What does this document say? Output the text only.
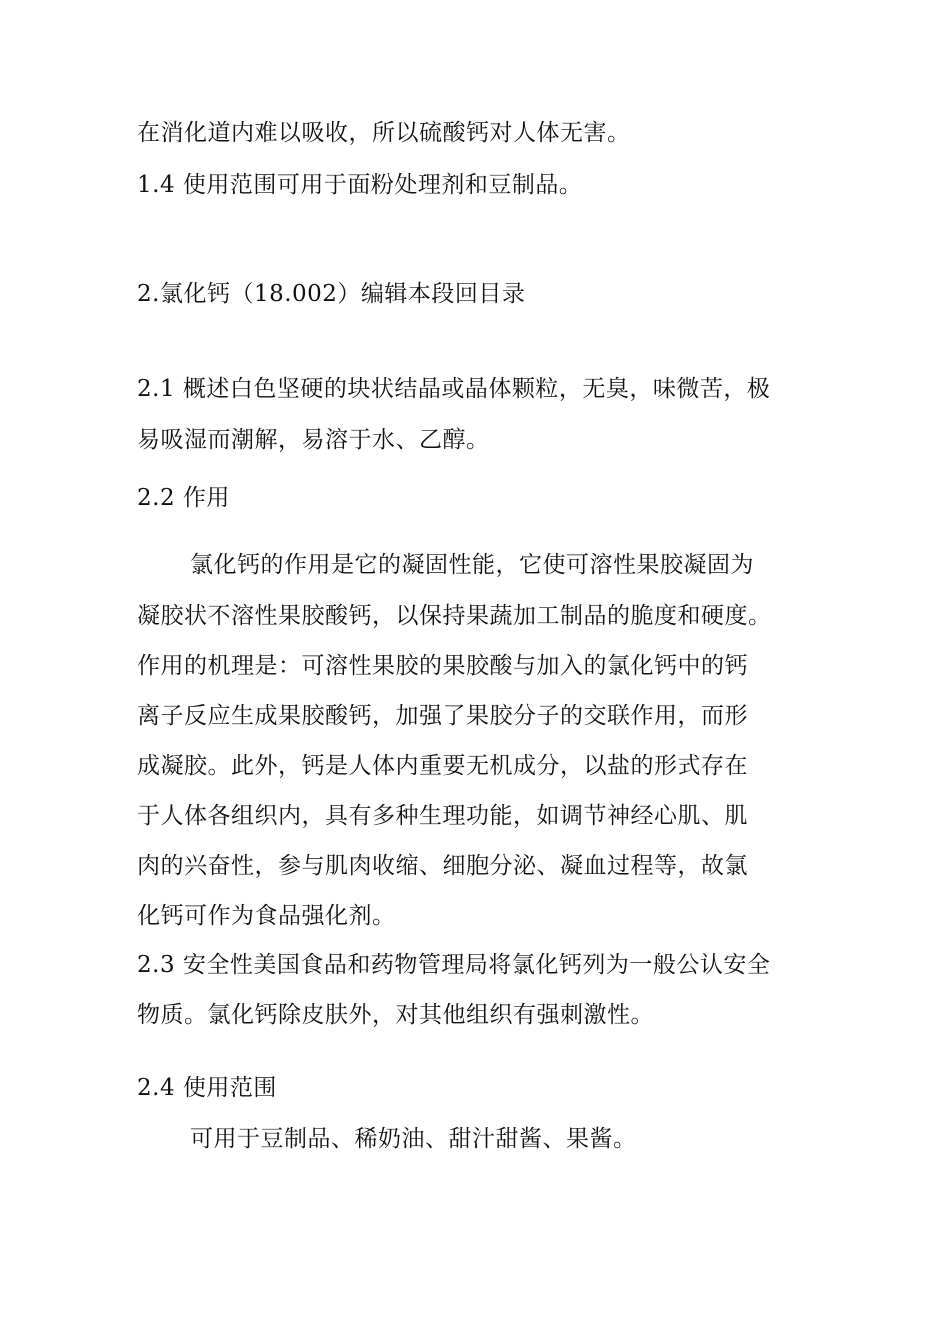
在消化道内难以吸收，所以硫酸钙对人体无害。
1.4 使用范围可用于面粉处理剂和豆制品。
2.氯化钙（18.002）编辑本段回目录
2.1 概述白色坚硬的块状结晶或晶体颗粒，无臭，味微苦，极
易吸湿而潮解，易溶于水、乙醇。
2.2 作用
氯化钙的作用是它的凝固性能，它使可溶性果胶凝固为
凝胶状不溶性果胶酸钙，以保持果蔬加工制品的脆度和硬度。
作用的机理是：可溶性果胶的果胶酸与加入的氯化钙中的钙
离子反应生成果胶酸钙，加强了果胶分子的交联作用，而形
成凝胶。此外，钙是人体内重要无机成分，以盐的形式存在
于人体各组织内，具有多种生理功能，如调节神经心肌、肌
肉的兴奋性，参与肌肉收缩、细胞分泌、凝血过程等，故氯
化钙可作为食品强化剂。
2.3 安全性美国食品和药物管理局将氯化钙列为一般公认安全
物质。氯化钙除皮肤外，对其他组织有强刺激性。
2.4 使用范围
可用于豆制品、稀奶油、甜汁甜酱、果酱。
